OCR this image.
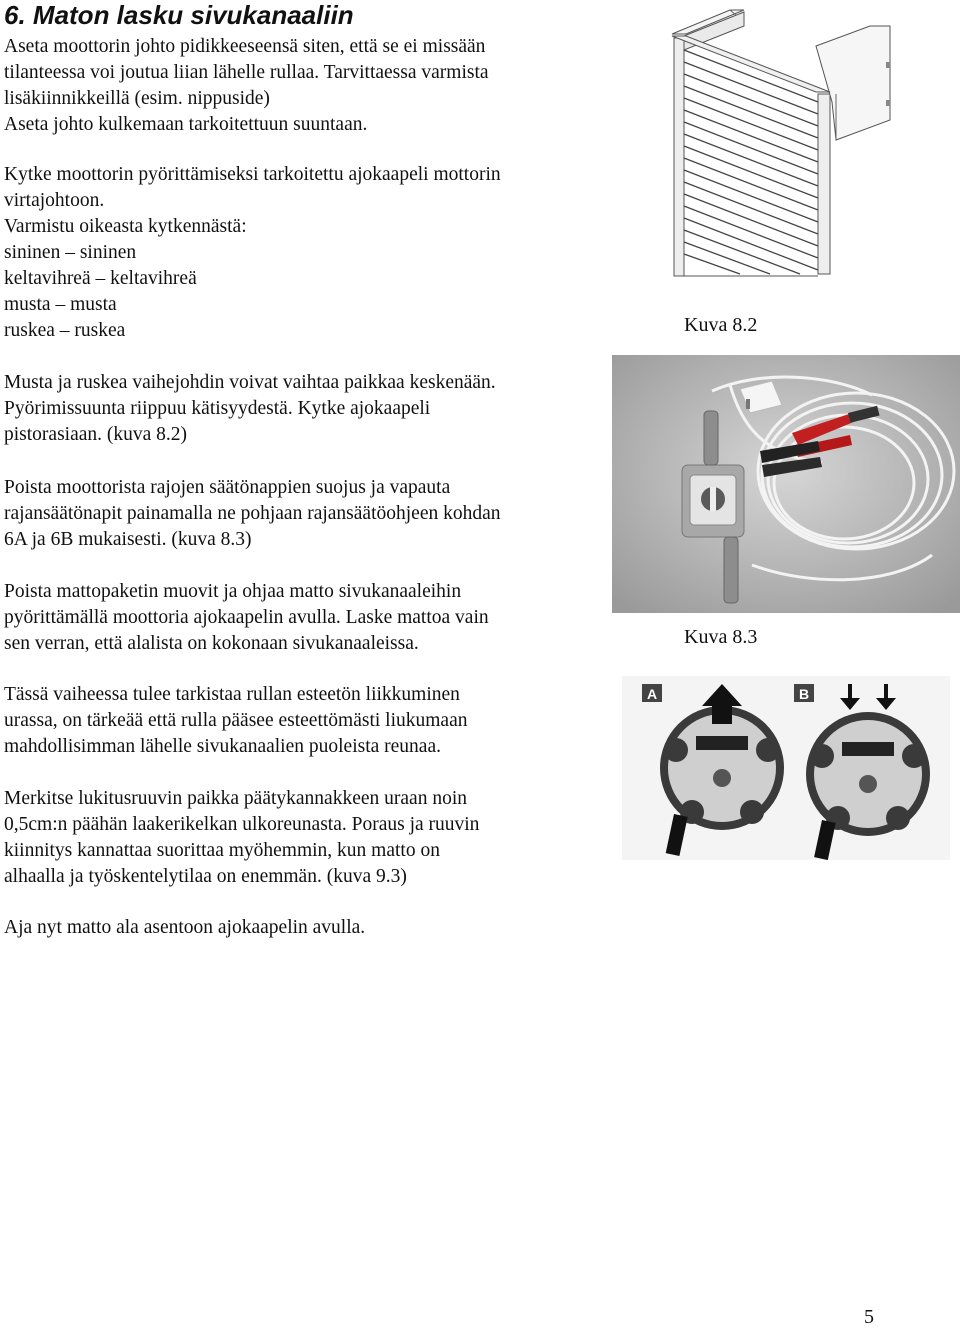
6. Maton lasku sivukanaaliin
Aseta moottorin johto pidikkeeseensä siten, että se ei missään
tilanteessa voi joutua liian lähelle rullaa. Tarvittaessa varmista
lisäkiinnikkeillä (esim. nippuside)
Aseta johto kulkemaan tarkoitettuun suuntaan.
Kytke moottorin pyörittämiseksi tarkoitettu ajokaapeli mottorin
virtajohtoon.
Varmistu oikeasta kytkennästä:
sininen – sininen
keltavihreä – keltavihreä
musta – musta
ruskea – ruskea
Musta ja ruskea vaihejohdin voivat vaihtaa paikkaa keskenään.
Pyörimissuunta riippuu kätisyydestä. Kytke ajokaapeli
pistorasiaan. (kuva 8.2)
Poista moottorista rajojen säätönappien suojus ja vapauta
rajansäätönapit painamalla ne pohjaan rajansäätöohjeen kohdan
6A ja 6B mukaisesti. (kuva 8.3)
Poista mattopaketin muovit ja ohjaa matto sivukanaaleihin
pyörittämällä moottoria ajokaapelin avulla. Laske mattoa vain
sen verran, että alalista on kokonaan sivukanaaleissa.
Tässä vaiheessa tulee tarkistaa rullan esteetön liikkuminen
urassa, on tärkeää että rulla pääsee esteettömästi liukumaan
mahdollisimman lähelle sivukanaalien puoleista reunaa.
Merkitse lukitusruuvin paikka päätykannakkeen uraan noin
0,5cm:n päähän laakerikelkan ulkoreunasta. Poraus ja ruuvin
kiinnitys kannattaa suorittaa myöhemmin, kun matto on
alhaalla ja työskentelytilaa on enemmän. (kuva 9.3)
Aja nyt matto ala asentoon ajokaapelin avulla.
Kuva 8.2
Kuva 8.3
A	B
5
